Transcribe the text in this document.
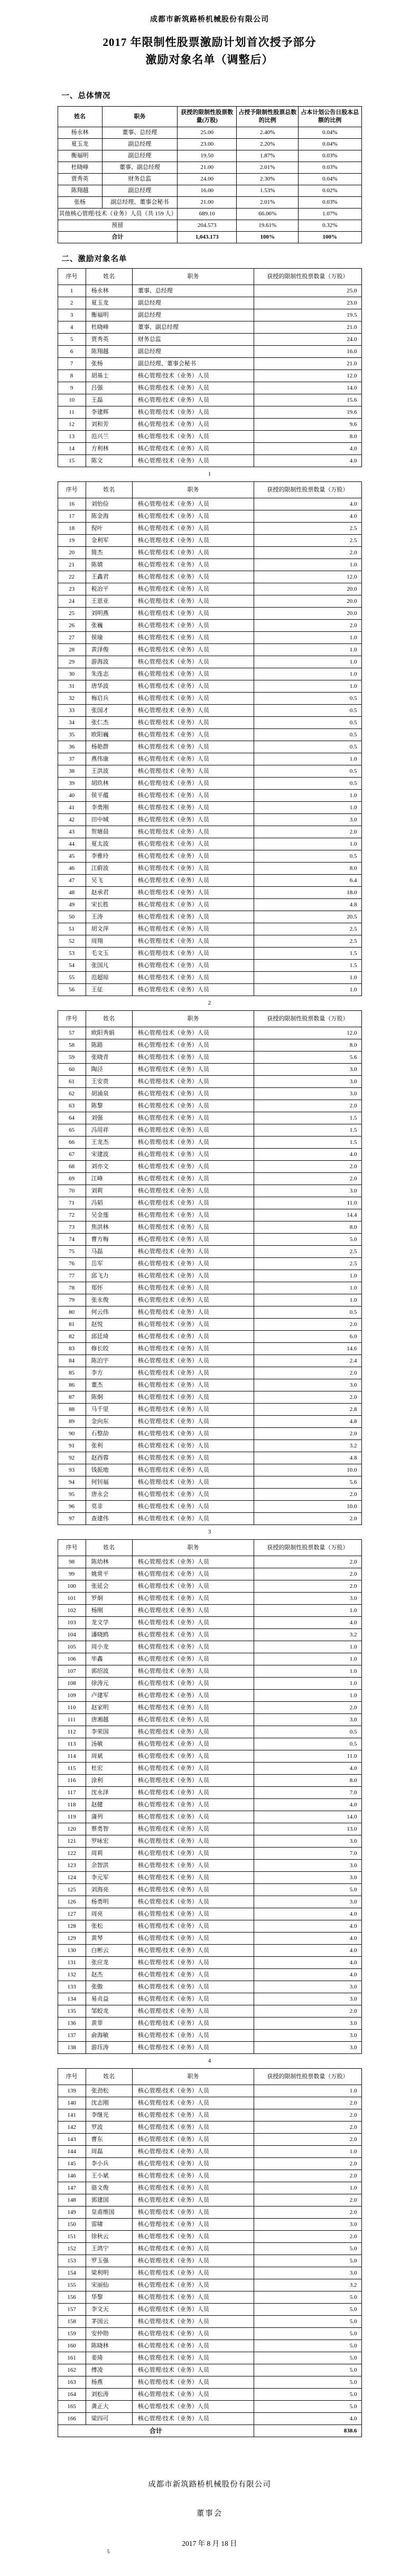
成都市新筑路桥机械股份有限公司
2017 年限制性股票激励计划首次授予部分
激励对象名单（调整后）
一、总体情况
姓名	职务	获授的限制性股票数量(万股)	占授予限制性股票总数的比例	占本计划公告日股本总额的比例
杨永林	董事、总经理	25.00	2.40%	0.04%
夏玉龙	副总经理	23.00	2.20%	0.04%
衡福明	副总经理	19.50	1.87%	0.03%
杜晓峰	董事、副总经理	21.00	2.01%	0.03%
贾秀英	财务总监	24.00	2.30%	0.04%
陈翔越	副总经理	16.00	1.53%	0.02%
张杨	副总经理、董事会秘书	21.00	2.01%	0.03%
其他核心管理/技术（业务）人员（共 159 人）		689.10	66.06%	1.07%
预留		204.573	19.61%	0.32%
合计		1,043.173	100%	100%
二、激励对象名单
序号	姓名	职务	获授的限制性股票数量（万股）
1	杨永林	董事、总经理	25.0
2	夏玉龙	副总经理	23.0
3	衡福明	副总经理	19.5
4	杜晓峰	董事、副总经理	21.0
5	贾秀英	财务总监	24.0
6	陈翔越	副总经理	16.0
7	张杨	副总经理、董事会秘书	21.0
8	胡基士	核心管理/技术（业务）人员	12.0
9	吕强	核心管理/技术（业务）人员	14.0
10	王磊	核心管理/技术（业务）人员	15.6
11	李建辉	核心管理/技术（业务）人员	19.6
12	刘和芳	核心管理/技术（业务）人员	9.6
13	范兴兰	核心管理/技术（业务）人员	8.0
14	方利林	核心管理/技术（业务）人员	4.0
15	陈文	核心管理/技术（业务）人员	4.0
1
序号	姓名	职务	获授的限制性股票数量（万股）
16	刘怡俭	核心管理/技术（业务）人员	4.0
17	陈金海	核心管理/技术（业务）人员	4.0
18	倪叶	核心管理/技术（业务）人员	2.5
19	金利军	核心管理/技术（业务）人员	2.5
20	简杰	核心管理/技术（业务）人员	2.0
21	陈婧	核心管理/技术（业务）人员	1.0
22	王鑫君	核心管理/技术（业务）人员	12.0
23	税冶平	核心管理/技术（业务）人员	20.0
24	王恩亚	核心管理/技术（业务）人员	20.0
25	刘明燕	核心管理/技术（业务）人员	20.0
26	张巍	核心管理/技术（业务）人员	2.0
27	侯瑜	核心管理/技术（业务）人员	1.0
28	黄泽俊	核心管理/技术（业务）人员	1.0
29	游海波	核心管理/技术（业务）人员	1.0
30	朱连志	核心管理/技术（业务）人员	1.0
31	唐华波	核心管理/技术（业务）人员	1.0
32	梅启兵	核心管理/技术（业务）人员	0.5
33	张国才	核心管理/技术（业务）人员	0.5
34	张仁杰	核心管理/技术（业务）人员	0.5
35	欧阳巍	核心管理/技术（业务）人员	0.5
36	杨艳群	核心管理/技术（业务）人员	0.5
37	燕伟康	核心管理/技术（业务）人员	1.0
38	王洪波	核心管理/技术（业务）人员	0.5
39	胡玖林	核心管理/技术（业务）人员	0.5
40	侯平蕴	核心管理/技术（业务）人员	1.0
41	李勇刚	核心管理/技术（业务）人员	1.0
42	田中城	核心管理/技术（业务）人员	3.0
43	贺塘晨	核心管理/技术（业务）人员	2.0
44	夏太波	核心管理/技术（业务）人员	1.0
45	李雅玲	核心管理/技术（业务）人员	0.5
46	江蔚波	核心管理/技术（业务）人员	8.0
47	吴飞	核心管理/技术（业务）人员	6.4
48	赵承君	核心管理/技术（业务）人员	18.0
49	宋长胜	核心管理/技术（业务）人员	4.8
50	王涛	核心管理/技术（业务）人员	20.5
51	胡文萍	核心管理/技术（业务）人员	2.5
52	周翔	核心管理/技术（业务）人员	2.5
53	毛文玉	核心管理/技术（业务）人员	1.5
54	张国凡	核心管理/技术（业务）人员	1.5
55	范超琼	核心管理/技术（业务）人员	1.0
56	王征	核心管理/技术（业务）人员	1.0
2
序号	姓名	职务	获授的限制性股票数量（万股）
57	欧阳秀娟	核心管理/技术（业务）人员	12.0
58	陈路	核心管理/技术（业务）人员	8.0
59	张晓青	核心管理/技术（业务）人员	5.6
60	陶泾	核心管理/技术（业务）人员	3.0
61	王安贵	核心管理/技术（业务）人员	3.0
62	胡涌泉	核心管理/技术（业务）人员	3.0
63	陈黎	核心管理/技术（业务）人员	2.0
64	刘强	核心管理/技术（业务）人员	1.5
65	冯用祥	核心管理/技术（业务）人员	1.5
66	王龙杰	核心管理/技术（业务）人员	1.5
67	宋建波	核心管理/技术（业务）人员	4.0
68	刘亦文	核心管理/技术（业务）人员	2.0
69	江峰	核心管理/技术（业务）人员	2.0
70	刘莉	核心管理/技术（业务）人员	3.0
71	冯韬	核心管理/技术（业务）人员	11.0
72	吴金莲	核心管理/技术（业务）人员	14.4
73	焦洪林	核心管理/技术（业务）人员	8.0
74	曹方梅	核心管理/技术（业务）人员	5.0
75	马磊	核心管理/技术（业务）人员	2.5
76	岳军	核心管理/技术（业务）人员	2.5
77	邱飞力	核心管理/技术（业务）人员	1.0
78	郑怀	核心管理/技术（业务）人员	1.0
79	张永俊	核心管理/技术（业务）人员	1.0
80	何云伟	核心管理/技术（业务）人员	0.5
81	赵悦	核心管理/技术（业务）人员	2.0
82	邱廷琦	核心管理/技术（业务）人员	6.0
83	修长皎	核心管理/技术（业务）人员	14.6
84	陈泊宇	核心管理/技术（业务）人员	2.4
85	李方	核心管理/技术（业务）人员	2.0
86	董杰	核心管理/技术（业务）人员	3.0
87	陈炯	核心管理/技术（业务）人员	2.0
88	马千里	核心管理/技术（业务）人员	2.8
89	金向东	核心管理/技术（业务）人员	4.8
90	石整劼	核心管理/技术（业务）人员	2.0
91	张利	核心管理/技术（业务）人员	3.2
92	赵西蓉	核心管理/技术（业务）人员	4.8
93	钱振地	核心管理/技术（业务）人员	10.0
94	何钊福	核心管理/技术（业务）人员	5.6
95	唐永会	核心管理/技术（业务）人员	2.0
96	莫非	核心管理/技术（业务）人员	10.0
97	查建伟	核心管理/技术（业务）人员	2.0
3
序号	姓名	职务	获授的限制性股票数量（万股）
98	陈幼林	核心管理/技术（业务）人员	2.0
99	姚常平	核心管理/技术（业务）人员	2.0
100	张延会	核心管理/技术（业务）人员	2.0
101	罗炯	核心管理/技术（业务）人员	3.0
102	杨刚	核心管理/技术（业务）人员	1.0
103	龙文学	核心管理/技术（业务）人员	4.0
104	潘晓鸥	核心管理/技术（业务）人员	3.2
105	周小龙	核心管理/技术（业务）人员	1.0
106	毕鑫	核心管理/技术（业务）人员	1.0
107	郭绍波	核心管理/技术（业务）人员	1.0
108	徐涛元	核心管理/技术（业务）人员	1.0
109	卢建军	核心管理/技术（业务）人员	1.0
110	赵家明	核心管理/技术（业务）人员	2.0
111	唐湘越	核心管理/技术（业务）人员	3.0
112	李荣国	核心管理/技术（业务）人员	0.5
113	汤敏	核心管理/技术（业务）人员	0.5
114	周斌	核心管理/技术（业务）人员	11.0
115	杜宏	核心管理/技术（业务）人员	4.0
116	涂利	核心管理/技术（业务）人员	8.0
117	沈永泽	核心管理/技术（业务）人员	7.0
118	赵健	核心管理/技术（业务）人员	4.0
119	蒲列	核心管理/技术（业务）人员	14.0
120	蔡勇智	核心管理/技术（业务）人员	13.0
121	罗咏宏	核心管理/技术（业务）人员	3.0
122	周莉	核心管理/技术（业务）人员	7.0
123	余智洪	核心管理/技术（业务）人员	3.0
124	李元军	核心管理/技术（业务）人员	3.0
125	刘海亮	核心管理/技术（业务）人员	5.0
126	杨勇明	核心管理/技术（业务）人员	3.0
127	周亮	核心管理/技术（业务）人员	4.0
128	张松	核心管理/技术（业务）人员	4.0
129	黄琴	核心管理/技术（业务）人员	4.0
130	白彬云	核心管理/技术（业务）人员	4.0
131	张应龙	核心管理/技术（业务）人员	4.0
132	赵杰	核心管理/技术（业务）人员	4.0
133	张傲	核心管理/技术（业务）人员	3.0
134	易贞益	核心管理/技术（业务）人员	3.0
135	邹蛟龙	核心管理/技术（业务）人员	2.0
136	黄菲	核心管理/技术（业务）人员	3.0
137	俞海敏	核心管理/技术（业务）人员	3.0
138	游珏涛	核心管理/技术（业务）人员	3.0
4
序号	姓名	职务	获授的限制性股票数量（万股）
139	张劲松	核心管理/技术（业务）人员	1.0
140	沈志刚	核心管理/技术（业务）人员	2.0
141	李继光	核心管理/技术（业务）人员	2.0
142	罗波	核心管理/技术（业务）人员	2.0
143	曹东	核心管理/技术（业务）人员	2.0
144	周磊	核心管理/技术（业务）人员	1.0
145	李小兵	核心管理/技术（业务）人员	2.0
146	王小斌	核心管理/技术（业务）人员	2.0
147	骆文俊	核心管理/技术（业务）人员	1.0
148	郭建国	核心管理/技术（业务）人员	2.0
149	皇甫维国	核心管理/技术（业务）人员	2.0
150	雷啸	核心管理/技术（业务）人员	3.0
151	徐秋云	核心管理/技术（业务）人员	2.0
152	王鸿宁	核心管理/技术（业务）人员	5.0
153	罗玉强	核心管理/技术（业务）人员	5.0
154	梁利明	核心管理/技术（业务）人员	3.0
155	宋丽仙	核心管理/技术（业务）人员	3.2
156	华黎	核心管理/技术（业务）人员	5.0
157	李文天	核心管理/技术（业务）人员	5.0
158	茅国云	核心管理/技术（业务）人员	5.0
159	安仲勋	核心管理/技术（业务）人员	5.0
160	陈晓林	核心管理/技术（业务）人员	5.0
161	姜琦	核心管理/技术（业务）人员	5.0
162	傅凌	核心管理/技术（业务）人员	5.0
163	杨燕	核心管理/技术（业务）人员	5.0
164	刘松涛	核心管理/技术（业务）人员	5.0
165	龚正大	核心管理/技术（业务）人员	5.0
166	梁四可	核心管理/技术（业务）人员	4.0
合计			838.6
成都市新筑路桥机械股份有限公司
董事会
2017 年 8 月 18 日
5
